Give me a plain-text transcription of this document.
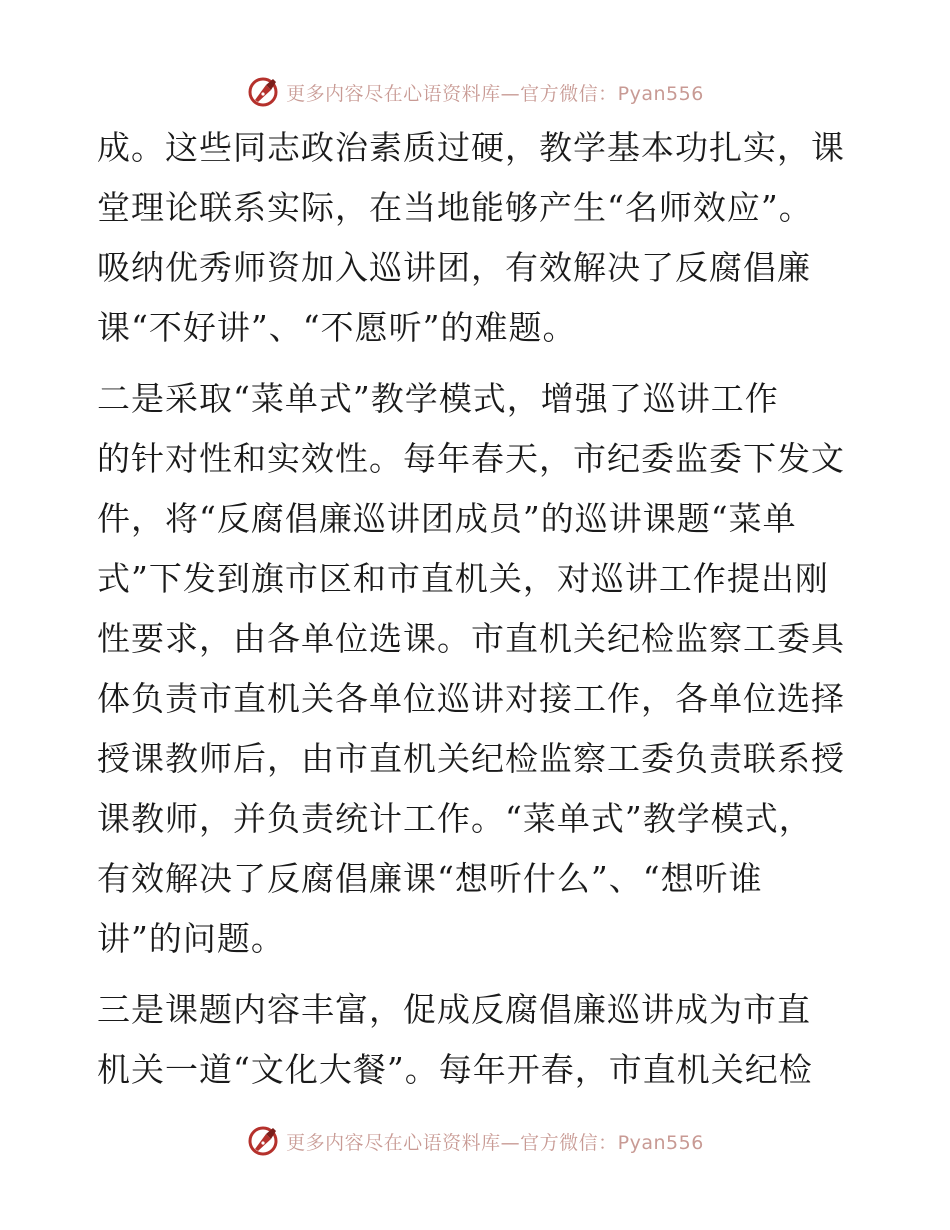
更多内容尽在心语资料库—官方微信：Pyan556

成。这些同志政治素质过硬，教学基本功扎实，课
堂理论联系实际，在当地能够产生“名师效应”。
吸纳优秀师资加入巡讲团，有效解决了反腐倡廉
课“不好讲”、“不愿听”的难题。

二是采取“菜单式”教学模式，增强了巡讲工作
的针对性和实效性。每年春天，市纪委监委下发文
件，将“反腐倡廉巡讲团成员”的巡讲课题“菜单
式”下发到旗市区和市直机关，对巡讲工作提出刚
性要求，由各单位选课。市直机关纪检监察工委具
体负责市直机关各单位巡讲对接工作，各单位选择
授课教师后，由市直机关纪检监察工委负责联系授
课教师，并负责统计工作。“菜单式”教学模式，
有效解决了反腐倡廉课“想听什么”、“想听谁
讲”的问题。

三是课题内容丰富，促成反腐倡廉巡讲成为市直
机关一道“文化大餐”。每年开春，市直机关纪检

更多内容尽在心语资料库—官方微信：Pyan556
